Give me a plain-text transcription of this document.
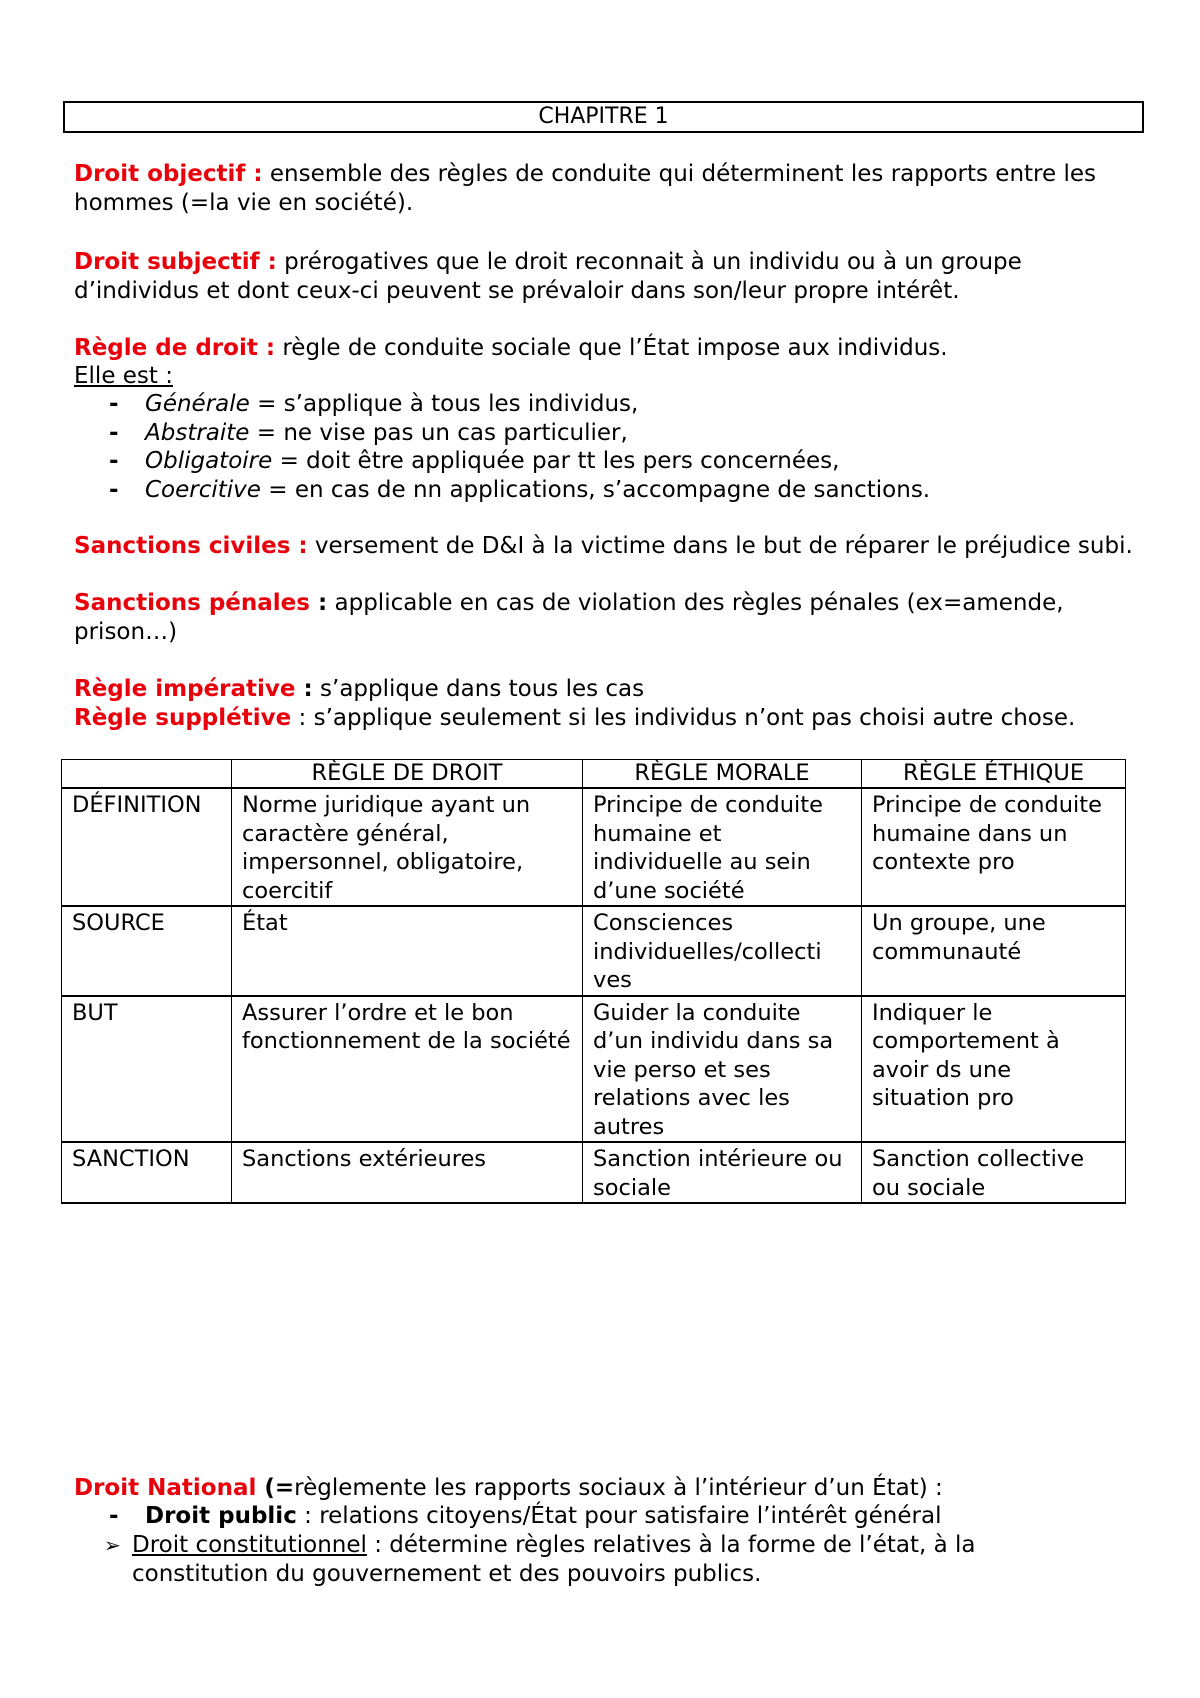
CHAPITRE 1

Droit objectif : ensemble des règles de conduite qui déterminent les rapports entre les hommes (=la vie en société).

Droit subjectif : prérogatives que le droit reconnait à un individu ou à un groupe d’individus et dont ceux-ci peuvent se prévaloir dans son/leur propre intérêt.

Règle de droit : règle de conduite sociale que l’État impose aux individus.

Elle est :

- Générale = s’applique à tous les individus,
- Abstraite = ne vise pas un cas particulier,
- Obligatoire = doit être appliquée par tt les pers concernées,
- Coercitive = en cas de nn applications, s’accompagne de sanctions.

Sanctions civiles : versement de D&I à la victime dans le but de réparer le préjudice subi.

Sanctions pénales : applicable en cas de violation des règles pénales (ex=amende, prison…)

Règle impérative : s’applique dans tous les cas

Règle supplétive : s’applique seulement si les individus n’ont pas choisi autre chose.

	RÈGLE DE DROIT	RÈGLE MORALE	RÈGLE ÉTHIQUE
DÉFINITION	Norme juridique ayant un caractère général, impersonnel, obligatoire, coercitif	Principe de conduite humaine et individuelle au sein d’une société	Principe de conduite humaine dans un contexte pro
SOURCE	État	Consciences individuelles/collecti ves	Un groupe, une communauté
BUT	Assurer l’ordre et le bon fonctionnement de la société	Guider la conduite d’un individu dans sa vie perso et ses relations avec les autres	Indiquer le comportement à avoir ds une situation pro
SANCTION	Sanctions extérieures	Sanction intérieure ou sociale	Sanction collective ou sociale

Droit National (=règlemente les rapports sociaux à l’intérieur d’un État) :

- Droit public : relations citoyens/État pour satisfaire l’intérêt général
➢ Droit constitutionnel : détermine règles relatives à la forme de l’état, à la constitution du gouvernement et des pouvoirs publics.
